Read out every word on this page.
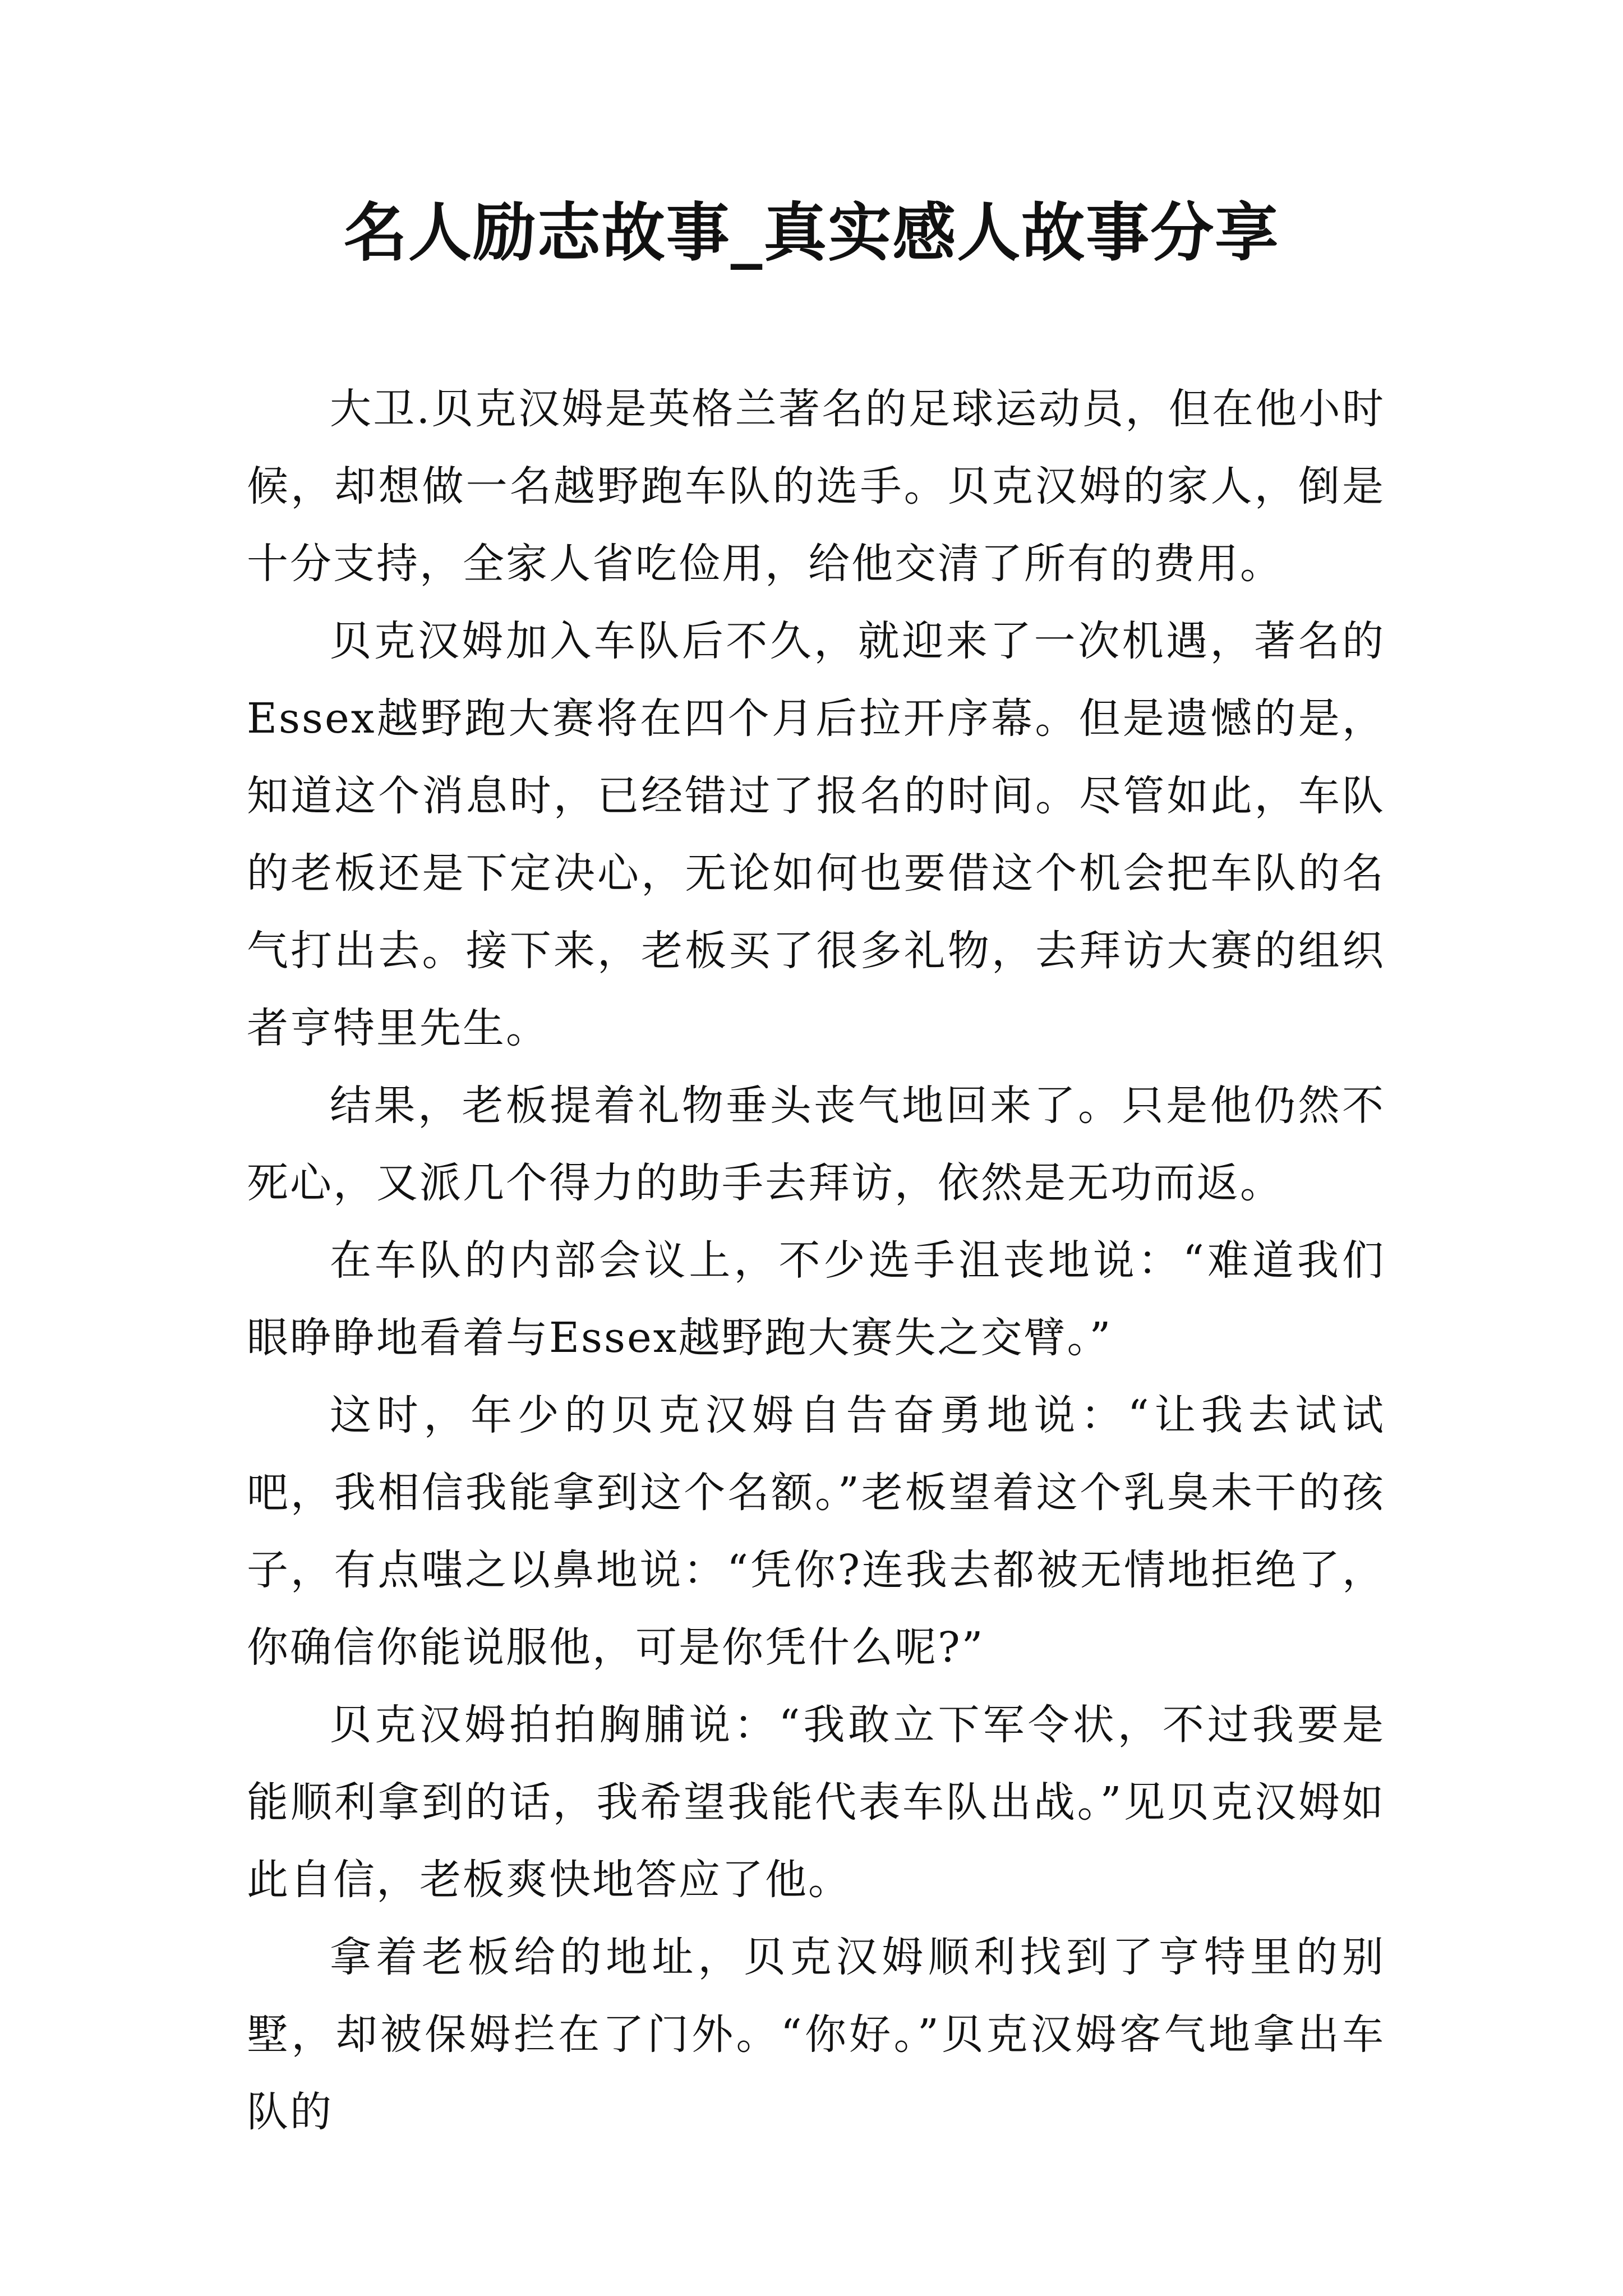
名人励志故事_真实感人故事分享

大卫.贝克汉姆是英格兰著名的足球运动员，但在他小时候，却想做一名越野跑车队的选手。贝克汉姆的家人，倒是十分支持，全家人省吃俭用，给他交清了所有的费用。

贝克汉姆加入车队后不久，就迎来了一次机遇，著名的Essex越野跑大赛将在四个月后拉开序幕。但是遗憾的是，知道这个消息时，已经错过了报名的时间。尽管如此，车队的老板还是下定决心，无论如何也要借这个机会把车队的名气打出去。接下来，老板买了很多礼物，去拜访大赛的组织者亨特里先生。

结果，老板提着礼物垂头丧气地回来了。只是他仍然不死心，又派几个得力的助手去拜访，依然是无功而返。

在车队的内部会议上，不少选手沮丧地说：“难道我们眼睁睁地看着与Essex越野跑大赛失之交臂。”

这时，年少的贝克汉姆自告奋勇地说：“让我去试试吧，我相信我能拿到这个名额。”老板望着这个乳臭未干的孩子，有点嗤之以鼻地说：“凭你?连我去都被无情地拒绝了，你确信你能说服他，可是你凭什么呢?”

贝克汉姆拍拍胸脯说：“我敢立下军令状，不过我要是能顺利拿到的话，我希望我能代表车队出战。”见贝克汉姆如此自信，老板爽快地答应了他。

拿着老板给的地址，贝克汉姆顺利找到了亨特里的别墅，却被保姆拦在了门外。“你好。”贝克汉姆客气地拿出车队的
